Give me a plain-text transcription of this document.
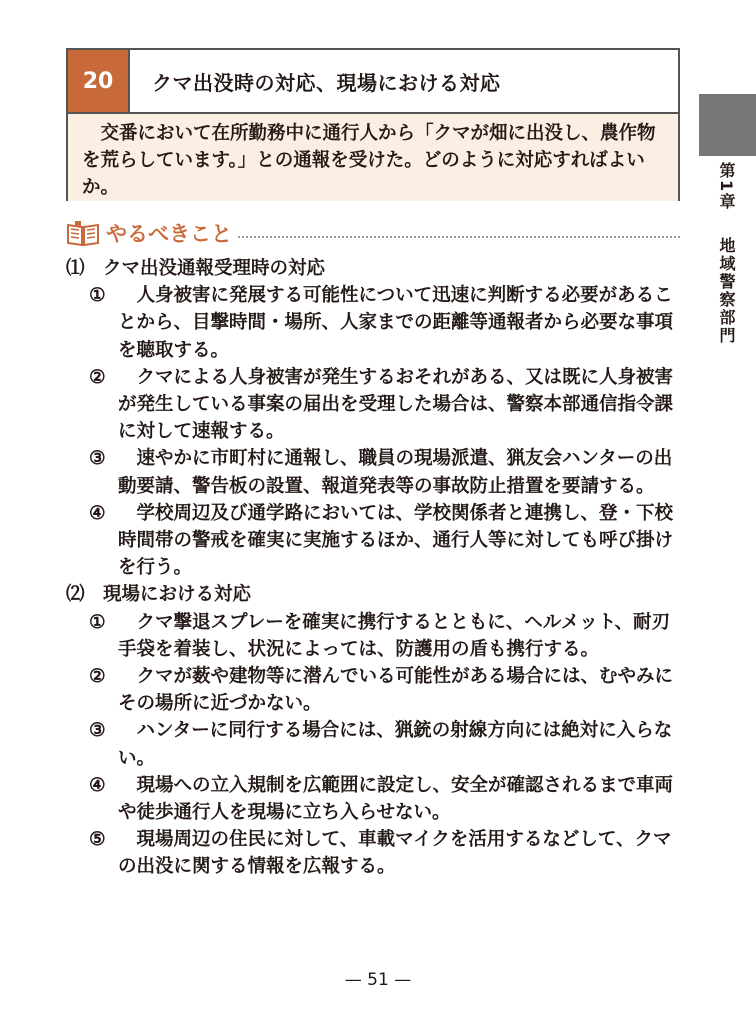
20	クマ出没時の対応、現場における対応
　交番において在所勤務中に通行人から「クマが畑に出没し、農作物を荒らしています。」との通報を受けた。どのように対応すればよいか。	第1章地域警察部門
やるべきこと

⑴　クマ出没通報受理時の対応

① 　人身被害に発展する可能性について迅速に判断する必要があることから、目撃時間・場所、人家までの距離等通報者から必要な事項を聴取する。

② 　クマによる人身被害が発生するおそれがある、又は既に人身被害が発生している事案の届出を受理した場合は、警察本部通信指令課に対して速報する。

③ 　速やかに市町村に通報し、職員の現場派遣、猟友会ハンターの出動要請、警告板の設置、報道発表等の事故防止措置を要請する。

④ 　学校周辺及び通学路においては、学校関係者と連携し、登・下校時間帯の警戒を確実に実施するほか、通行人等に対しても呼び掛けを行う。

⑵　現場における対応

① 　クマ撃退スプレーを確実に携行するとともに、ヘルメット、耐刃手袋を着装し、状況によっては、防護用の盾も携行する。

② 　クマが薮や建物等に潜んでいる可能性がある場合には、むやみにその場所に近づかない。

③ 　ハンターに同行する場合には、猟銃の射線方向には絶対に入らない。

④ 　現場への立入規制を広範囲に設定し、安全が確認されるまで車両や徒歩通行人を現場に立ち入らせない。

⑤ 　現場周辺の住民に対して、車載マイクを活用するなどして、クマの出没に関する情報を広報する。

— 51 —
